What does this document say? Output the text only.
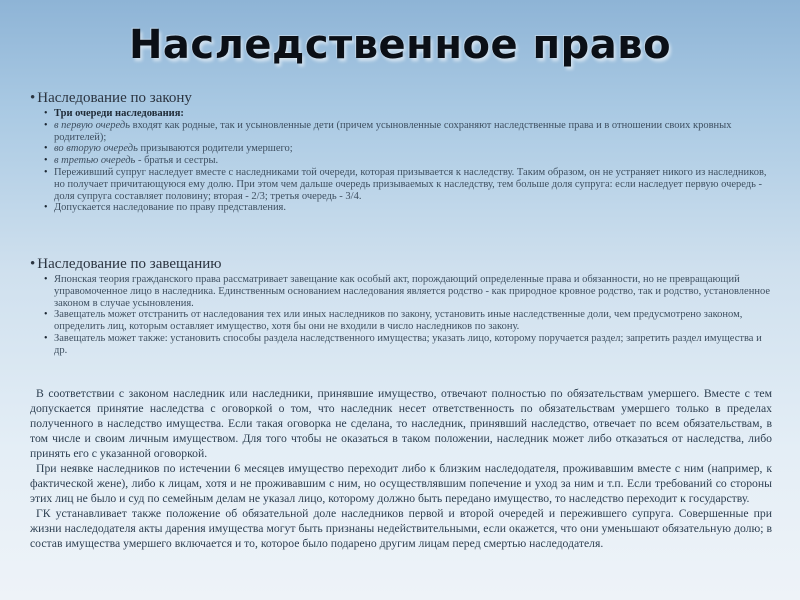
Наследственное право
• Наследование по закону
• Три очереди наследования:
• в первую очередь входят как родные, так и усыновленные дети (причем усыновленные сохраняют наследственные права и в отношении своих кровных родителей);
• во вторую очередь призываются родители умершего;
• в третью очередь - братья и сестры.
• Переживший супруг наследует вместе с наследниками той очереди, которая призывается к наследству. Таким образом, он не устраняет никого из наследников, но получает причитающуюся ему долю. При этом чем дальше очередь призываемых к наследству, тем больше доля супруга: если наследует первую очередь - доля супруга составляет половину; вторая - 2/3; третья очередь - 3/4.
• Допускается наследование по праву представления.
• Наследование по завещанию
• Японская теория гражданского права рассматривает завещание как особый акт, порождающий определенные права и обязанности, но не превращающий управомоченное лицо в наследника. Единственным основанием наследования является родство - как природное кровное родство, так и родство, установленное законом в случае усыновления.
• Завещатель может отстранить от наследования тех или иных наследников по закону, установить иные наследственные доли, чем предусмотрено законом, определить лиц, которым оставляет имущество, хотя бы они не входили в число наследников по закону.
• Завещатель может также: установить способы раздела наследственного имущества; указать лицо, которому поручается раздел; запретить раздел имущества и др.

В соответствии с законом наследник или наследники, принявшие имущество, отвечают полностью по обязательствам умершего. Вместе с тем допускается принятие наследства с оговоркой о том, что наследник несет ответственность по обязательствам умершего только в пределах полученного в наследство имущества. Если такая оговорка не сделана, то наследник, принявший наследство, отвечает по всем обязательствам, в том числе и своим личным имуществом. Для того чтобы не оказаться в таком положении, наследник может либо отказаться от наследства, либо принять его с указанной оговоркой.

При неявке наследников по истечении 6 месяцев имущество переходит либо к близким наследодателя, проживавшим вместе с ним (например, к фактической жене), либо к лицам, хотя и не проживавшим с ним, но осуществлявшим попечение и уход за ним и т.п. Если требований со стороны этих лиц не было и суд по семейным делам не указал лицо, которому должно быть передано имущество, то наследство переходит к государству.

ГК устанавливает также положение об обязательной доле наследников первой и второй очередей и пережившего супруга. Совершенные при жизни наследодателя акты дарения имущества могут быть признаны недействительными, если окажется, что они уменьшают обязательную долю; в состав имущества умершего включается и то, которое было подарено другим лицам перед смертью наследодателя.
